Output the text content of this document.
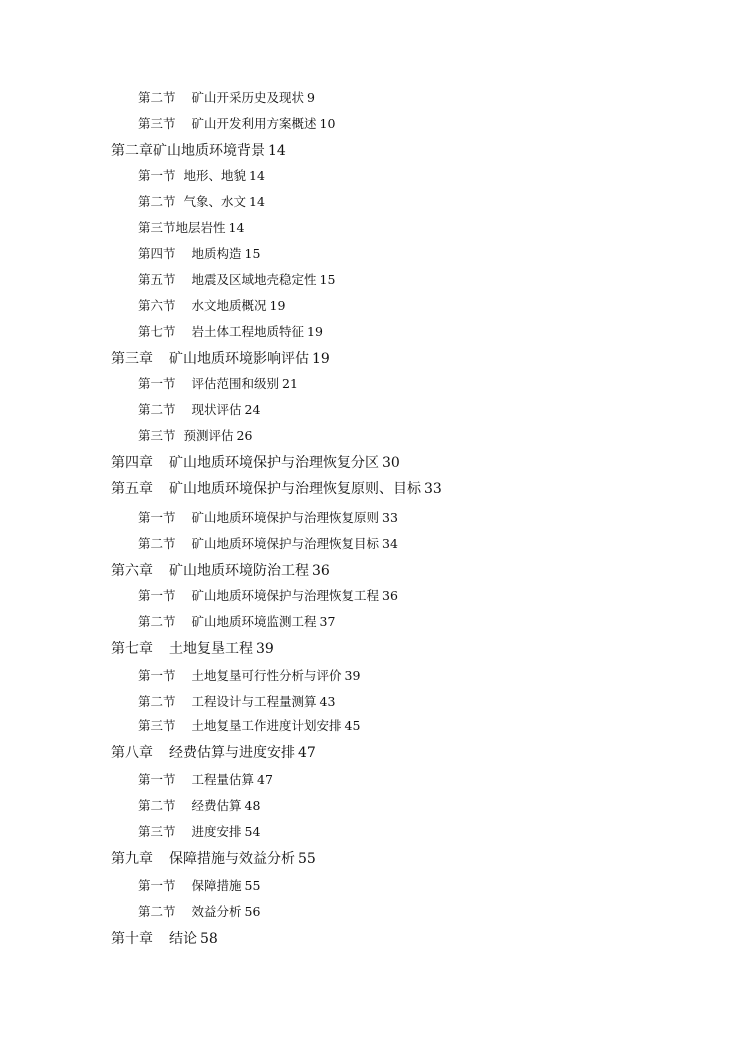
第二节 矿山开采历史及现状 9
第三节 矿山开发利用方案概述 10
第二章矿山地质环境背景 14
第一节 地形、地貌 14
第二节 气象、水文 14
第三节地层岩性 14
第四节 地质构造 15
第五节 地震及区域地壳稳定性 15
第六节 水文地质概况 19
第七节 岩土体工程地质特征 19
第三章 矿山地质环境影响评估 19
第一节 评估范围和级别 21
第二节 现状评估 24
第三节 预测评估 26
第四章 矿山地质环境保护与治理恢复分区 30
第五章 矿山地质环境保护与治理恢复原则、目标 33
第一节 矿山地质环境保护与治理恢复原则 33
第二节 矿山地质环境保护与治理恢复目标 34
第六章 矿山地质环境防治工程 36
第一节 矿山地质环境保护与治理恢复工程 36
第二节 矿山地质环境监测工程 37
第七章 土地复垦工程 39
第一节 土地复垦可行性分析与评价 39
第二节 工程设计与工程量测算 43
第三节 土地复垦工作进度计划安排 45
第八章 经费估算与进度安排 47
第一节 工程量估算 47
第二节 经费估算 48
第三节 进度安排 54
第九章 保障措施与效益分析 55
第一节 保障措施 55
第二节 效益分析 56
第十章 结论 58
